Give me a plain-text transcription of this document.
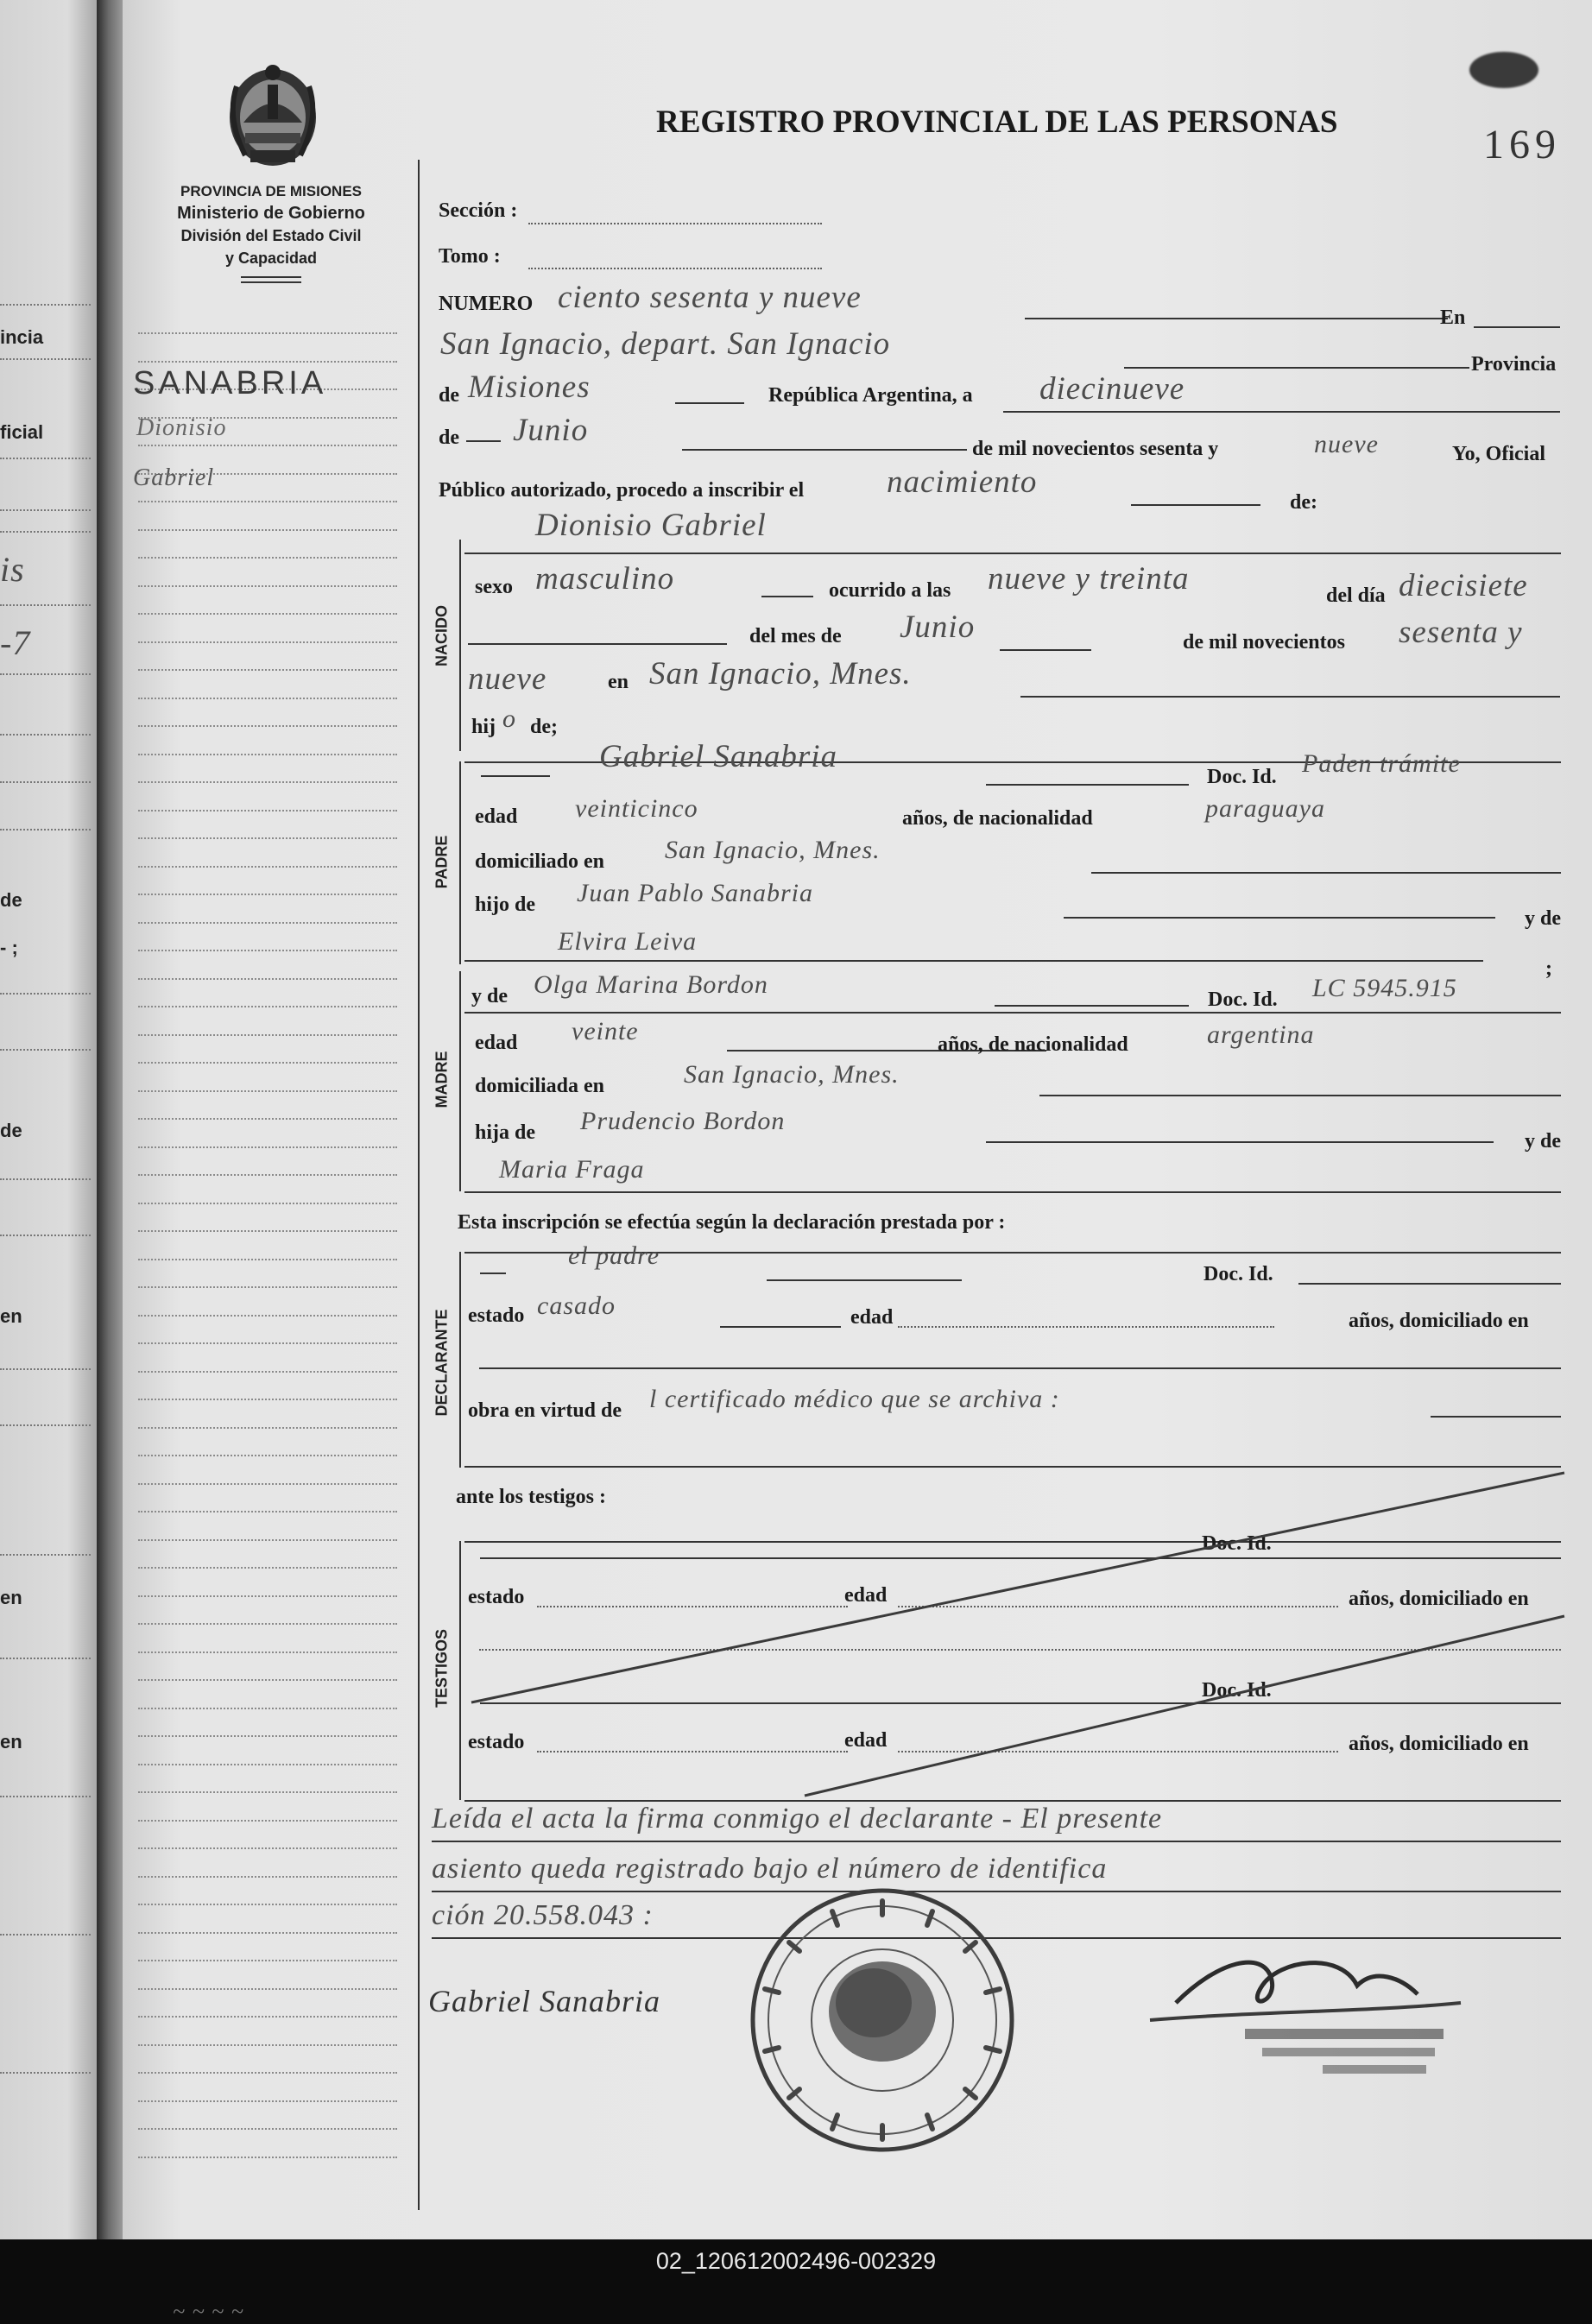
incia
ficial
is
-7
de
- ;
de
en
en
en
PROVINCIA DE MISIONES
Ministerio de Gobierno
División del Estado Civil
y Capacidad
REGISTRO PROVINCIAL DE LAS PERSONAS	169
SANABRIA
Dionisio
Gabriel
~ ~ ~ ~
Sección :
Tomo :
NUMERO ciento sesenta y nueve
En
San Ignacio, depart. San Ignacio
Provincia
de Misiones	República Argentina, a diecinueve
de Junio
de mil novecientos sesenta y	nueve	Yo, Oficial
Público autorizado, procedo a inscribir el	nacimiento
de:
NACIDO
Dionisio Gabriel
sexo masculino	ocurrido a las nueve y treinta	del día diecisiete
del mes de Junio	de mil novecientos sesenta y
nueve	en San Ignacio, Mnes.
hij o de;
PADRE
Gabriel Sanabria
Doc. Id. Paden trámite
edad veinticinco	años, de nacionalidad	paraguaya
domiciliado en San Ignacio, Mnes.
hijo de Juan Pablo Sanabria
y de
Elvira Leiva
;
MADRE
y de Olga Marina Bordon
Doc. Id. LC 5945.915
edad veinte	años, de nacionalidad	argentina
domiciliada en	San Ignacio, Mnes.
hija de Prudencio Bordon
y de
Maria Fraga
Esta inscripción se efectúa según la declaración prestada por :
DECLARANTE
el padre
Doc. Id.
estado casado	edad	años, domiciliado en
obra en virtud de l certificado médico que se archiva :
ante los testigos :
TESTIGOS
Doc. Id.
estado	edad	años, domiciliado en
Doc. Id.
estado	edad	años, domiciliado en
Leída el acta la firma conmigo el declarante - El presente
asiento queda registrado bajo el número de identifica
ción 20.558.043 :
Gabriel Sanabria
02_120612002496-002329
